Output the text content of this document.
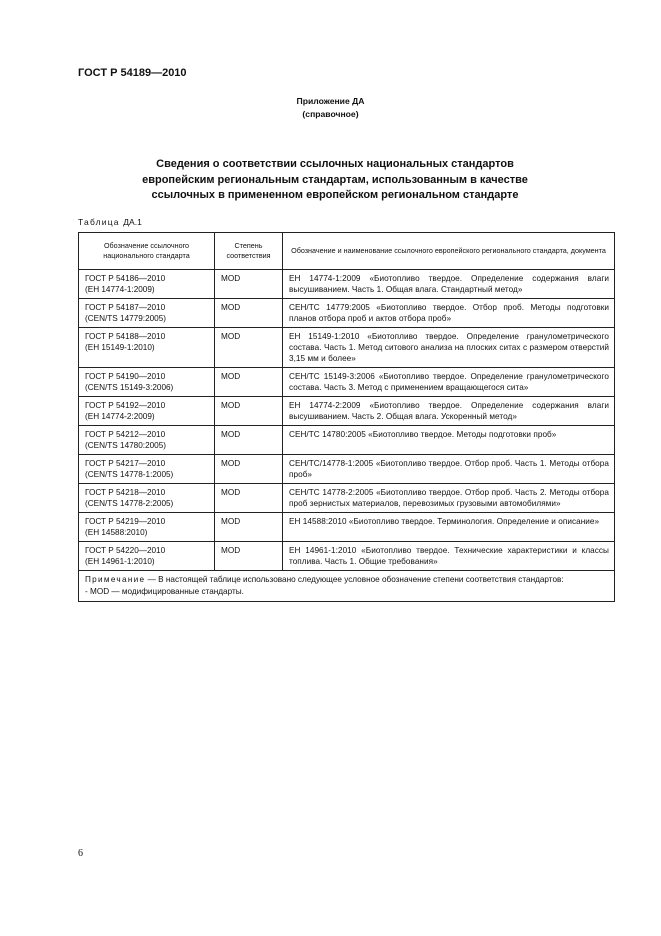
ГОСТ Р 54189—2010
Приложение ДА
(справочное)
Сведения о соответствии ссылочных национальных стандартов
европейским региональным стандартам, использованным в качестве
ссылочных в примененном европейском региональном стандарте
Таблица ДА.1
Обозначение ссылочного национального стандарта	Степень соответствия	Обозначение и наименование ссылочного европейского регионального стандарта, документа

ГОСТ Р 54186—2010
(ЕН 14774-1:2009)	MOD	ЕН 14774-1:2009 «Биотопливо твердое. Определение содержания влаги высушиванием. Часть 1. Общая влага. Стандартный метод»

ГОСТ Р 54187—2010
(CEN/TS 14779:2005)	MOD	СЕН/ТС 14779:2005 «Биотопливо твердое. Отбор проб. Методы подготовки планов отбора проб и актов отбора проб»

ГОСТ Р 54188—2010
(ЕН 15149-1:2010)	MOD	ЕН 15149-1:2010 «Биотопливо твердое. Определение гранулометрического состава. Часть 1. Метод ситового анализа на плоских ситах с размером отверстий 3,15 мм и более»

ГОСТ Р 54190—2010
(CEN/TS 15149-3:2006)	MOD	СЕН/ТС 15149-3:2006 «Биотопливо твердое. Определение гранулометрического состава. Часть 3. Метод с применением вращающегося сита»

ГОСТ Р 54192—2010
(ЕН 14774-2:2009)	MOD	ЕН 14774-2:2009 «Биотопливо твердое. Определение содержания влаги высушиванием. Часть 2. Общая влага. Ускоренный метод»

ГОСТ Р 54212—2010
(CEN/TS 14780:2005)	MOD	СЕН/ТС 14780:2005 «Биотопливо твердое. Методы подготовки проб»

ГОСТ Р 54217—2010
(CEN/TS 14778-1:2005)	MOD	СЕН/ТС/14778-1:2005 «Биотопливо твердое. Отбор проб. Часть 1. Методы отбора проб»

ГОСТ Р 54218—2010
(CEN/TS 14778-2:2005)	MOD	СЕН/ТС 14778-2:2005 «Биотопливо твердое. Отбор проб. Часть 2. Методы отбора проб зернистых материалов, перевозимых грузовыми автомобилями»

ГОСТ Р 54219—2010
(ЕН 14588:2010)	MOD	ЕН 14588:2010 «Биотопливо твердое. Терминология. Определение и описание»

ГОСТ Р 54220—2010
(ЕН 14961-1:2010)	MOD	ЕН 14961-1:2010 «Биотопливо твердое. Технические характеристики и классы топлива. Часть 1. Общие требования»
Примечание — В настоящей таблице использовано следующее условное обозначение степени соответствия стандартов:
- MOD — модифицированные стандарты.		
6
